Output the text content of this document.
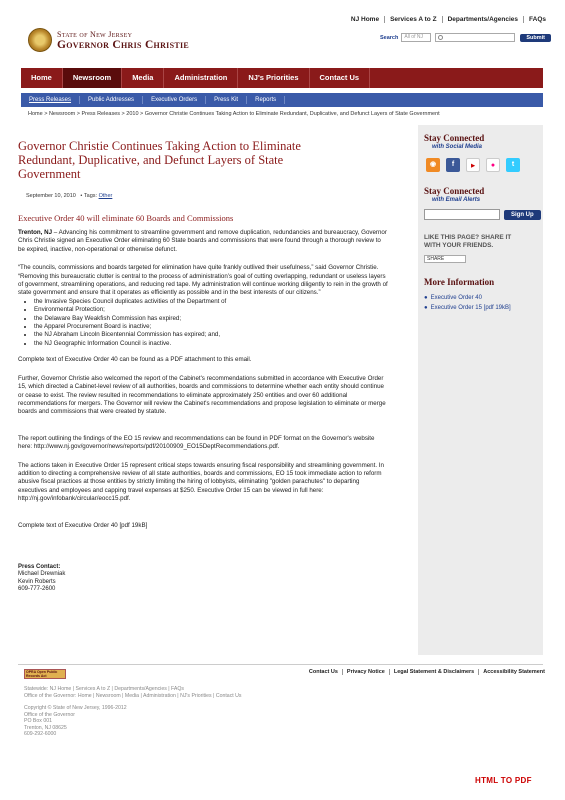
NJ Home	Services A to Z	Departments/Agencies	FAQs
State of New Jersey
Governor Chris Christie
Search	All of NJ	Submit
Home	Newsroom	Media	Administration	NJ's Priorities	Contact Us
Press Releases	Public Addresses	Executive Orders	Press Kit	Reports
Home > Newsroom > Press Releases > 2010 > Governor Christie Continues Taking Action to Eliminate Redundant, Duplicative, and Defunct Layers of State Government
Governor Christie Continues Taking Action to Eliminate Redundant, Duplicative, and Defunct Layers of State Government
September 10, 2010   • Tags: Other
Executive Order 40 will eliminate 60 Boards and Commissions
Trenton, NJ – Advancing his commitment to streamline government and remove duplication, redundancies and bureaucracy, Governor Chris Christie signed an Executive Order eliminating 60 State boards and commissions that were found through a thorough review to be expired, inactive, non-operational or otherwise defunct.
“The councils, commissions and boards targeted for elimination have quite frankly outlived their usefulness,” said Governor Christie. “Removing this bureaucratic clutter is central to the process of administration’s goal of cutting overlapping, redundant or useless layers of government, streamlining operations, and reducing red tape. My administration will continue working diligently to rein in the growth of state government and ensure that it operates as efficiently as possible and in the best interests of our citizens.”
• the Invasive Species Council duplicates activities of the Department of
• Environmental Protection;
• the Delaware Bay Weakfish Commission has expired;
• the Apparel Procurement Board is inactive;
• the NJ Abraham Lincoln Bicentennial Commission has expired; and,
• the NJ Geographic Information Council is inactive.
Complete text of Executive Order 40 can be found as a PDF attachment to this email.
Further, Governor Christie also welcomed the report of the Cabinet's recommendations submitted in accordance with Executive Order 15, which directed a Cabinet-level review of all authorities, boards and commissions to determine whether each entity should continue or cease to exist. The review resulted in recommendations to eliminate approximately 250 entities and over 60 additional recommendations for mergers. The Governor will review the Cabinet's recommendations and propose legislation to eliminate or merge boards and commissions that were created by statute.
The report outlining the findings of the EO 15 review and recommendations can be found in PDF format on the Governor's website here: http://www.nj.gov/governor/news/reports/pdf/20100909_EO15DeptRecommendations.pdf.
The actions taken in Executive Order 15 represent critical steps towards ensuring fiscal responsibility and streamlining government. In addition to directing a comprehensive review of all state authorities, boards and commissions, EO 15 took immediate action to reform abusive fiscal practices at those entities by strictly limiting the hiring of lobbyists, eliminating "golden parachutes" to departing executives and employees and capping travel expenses at $250. Executive Order 15 can be viewed in full here: http://nj.gov/infobank/circular/eocc15.pdf.
Complete text of Executive Order 40 [pdf 19kB]
Press Contact:
Michael Drewniak
Kevin Roberts
609-777-2600
Stay Connected
with Social Media
◉	f	▶	●	t
Stay Connected
with Email Alerts
Sign Up
LIKE THIS PAGE? SHARE IT WITH YOUR FRIENDS.
SHARE
More Information
● Executive Order 40
● Executive Order 15 [pdf 19kB]
OPRA Open Public Records Act
Contact Us	Privacy Notice	Legal Statement & Disclaimers	Accessibility Statement
Statewide: NJ Home | Services A to Z | Departments/Agencies | FAQs
Office of the Governor: Home | Newsroom | Media | Administration | NJ's Priorities | Contact Us
Copyright © State of New Jersey, 1996-2012
Office of the Governor
PO Box 001
Trenton, NJ 08625
609-292-6000
HTML TO PDF
